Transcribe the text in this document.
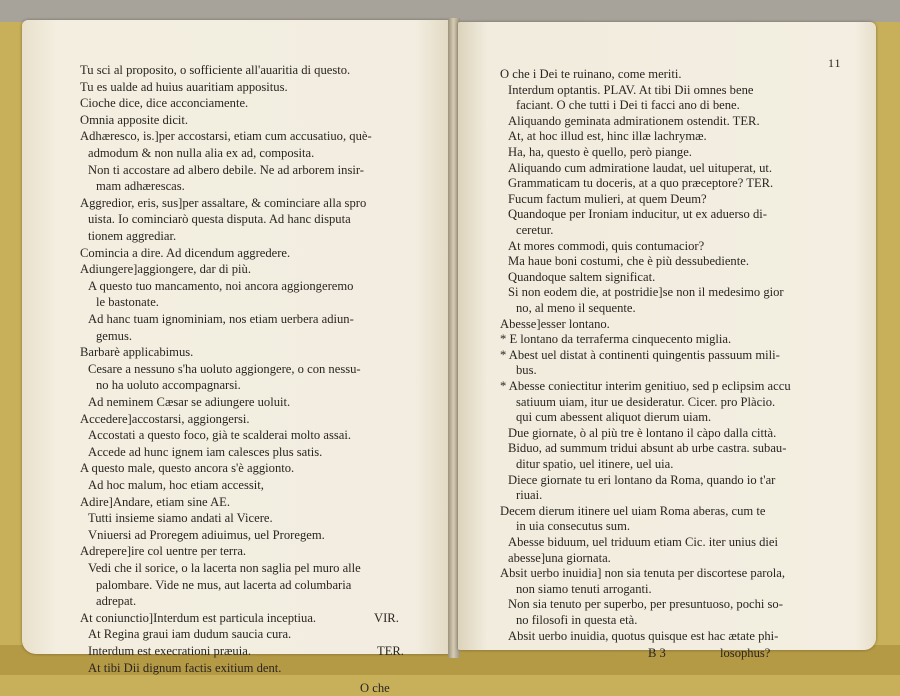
Tu sci al proposito, o sofficiente all'auaritia di questo.
Tu es ualde ad huius auaritiam appositus.
Cioche dice, dice acconciamente.
Omnia apposite dicit.
Adhæresco, is.]per accostarsi, etiam cum accusatiuo, què-
admodum & non nulla alia ex ad, composita.
Non ti accostare ad albero debile. Ne ad arborem insir-
mam adhærescas.
Aggredior, eris, sus]per assaltare, & cominciare alla spro
uista. Io cominciarò questa disputa. Ad hanc disputa
tionem aggrediar.
Comincia a dire. Ad dicendum aggredere.
Adiungere]aggiongere, dar di più.
A questo tuo mancamento, noi ancora aggiongeremo
le bastonate.
Ad hanc tuam ignominiam, nos etiam uerbera adiun-
gemus.
Barbarè applicabimus.
Cesare a nessuno s'ha uoluto aggiongere, o con nessu-
no ha uoluto accompagnarsi.
Ad neminem Cæsar se adiungere uoluit.
Accedere]accostarsi, aggiongersi.
Accostati a questo foco, già te scalderai molto assai.
Accede ad hunc ignem iam calesces plus satis.
A questo male, questo ancora s'è aggionto.
Ad hoc malum, hoc etiam accessit,
Adire]Andare, etiam sine AE.
Tutti insieme siamo andati al Vicere.
Vniuersi ad Proregem adiuimus, uel Proregem.
Adrepere]ire col uentre per terra.
Vedi che il sorice, o la lacerta non saglia pel muro alle
palombare. Vide ne mus, aut lacerta ad columbaria
adrepat.
At coniunctio]Interdum est particula inceptiua.
At Regina graui iam dudum saucia cura.
Interdum est execrationi præuia.
At tibi Dii dignum factis exitium dent.
VIR.
TER.
O che
11
O che i Dei te ruinano, come meriti.
Interdum optantis. PLAV. At tibi Dii omnes bene
faciant. O che tutti i Dei ti facci ano di bene.
Aliquando geminata admirationem ostendit. TER.
At, at hoc illud est, hinc illæ lachrymæ.
Ha, ha, questo è quello, però piange.
Aliquando cum admiratione laudat, uel uituperat, ut.
Grammaticam tu doceris, at a quo præceptore? TER.
Fucum factum mulieri, at quem Deum?
Quandoque per Ironiam inducitur, ut ex aduerso di-
ceretur.
At mores commodi, quis contumacior?
Ma haue boni costumi, che è più dessubediente.
Quandoque saltem significat.
Si non eodem die, at postridie]se non il medesimo gior
no, al meno il sequente.
Abesse]esser lontano.
* E lontano da terraferma cinquecento miglia.
* Abest uel distat à continenti quingentis passuum mili-
bus.
* Abesse coniectitur interim genitiuo, sed p eclipsim accu
satiuum uiam, itur ue desideratur. Cicer. pro Plàcio.
qui cum abessent aliquot dierum uiam.
Due giornate, ò al più tre è lontano il càpo dalla città.
Biduo, ad summum tridui absunt ab urbe castra. subau-
ditur spatio, uel itinere, uel uia.
Diece giornate tu eri lontano da Roma, quando io t'ar
riuai.
Decem dierum itinere uel uiam Roma aberas, cum te
in uia consecutus sum.
Abesse biduum, uel triduum etiam Cic. iter unius diei
abesse]una giornata.
Absit uerbo inuidia] non sia tenuta per discortese parola,
non siamo tenuti arroganti.
Non sia tenuto per superbo, per presuntuoso, pochi so-
no filosofi in questa età.
Absit uerbo inuidia, quotus quisque est hac ætate phi-
B 3	losophus?
